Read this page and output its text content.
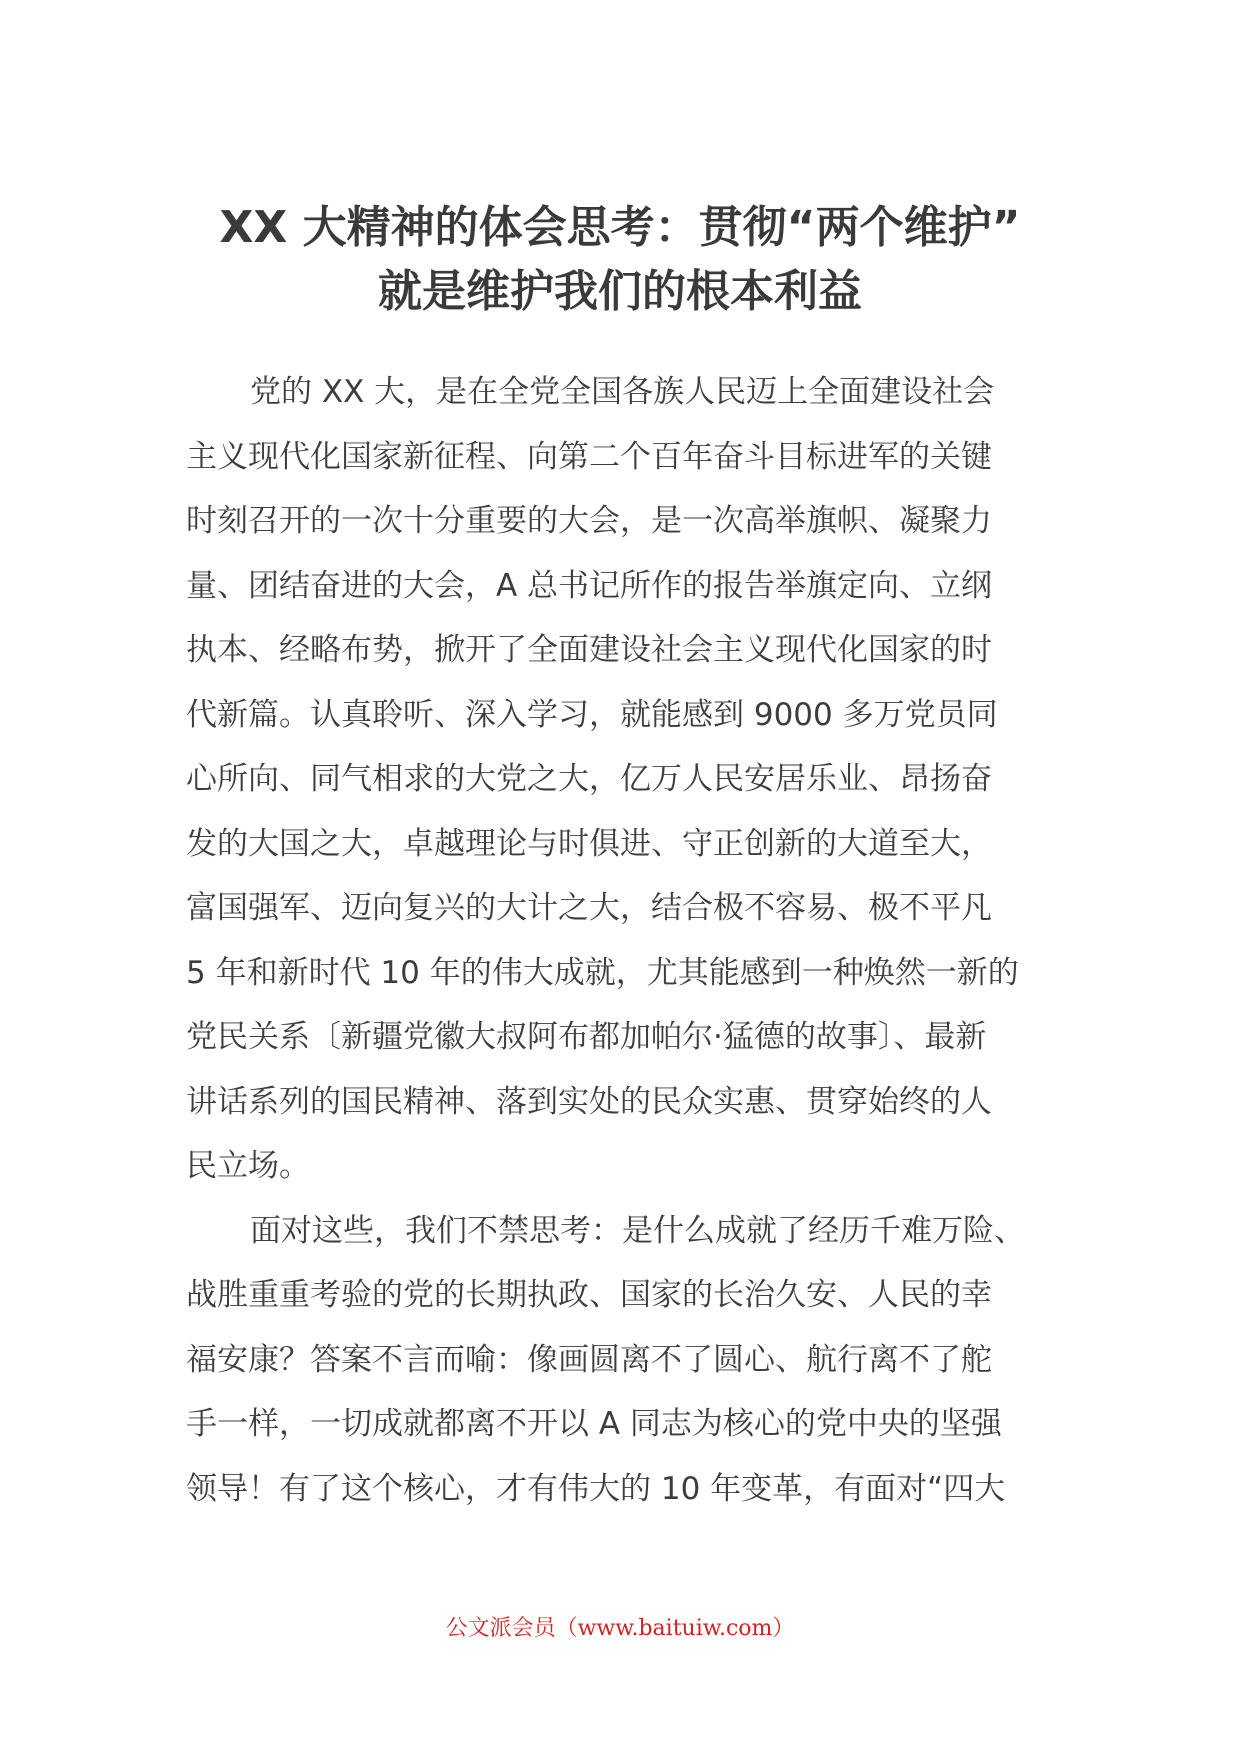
XX 大精神的体会思考：贯彻“两个维护”
就是维护我们的根本利益
党的 XX 大，是在全党全国各族人民迈上全面建设社会
主义现代化国家新征程、向第二个百年奋斗目标进军的关键
时刻召开的一次十分重要的大会，是一次高举旗帜、凝聚力
量、团结奋进的大会，A 总书记所作的报告举旗定向、立纲
执本、经略布势，掀开了全面建设社会主义现代化国家的时
代新篇。认真聆听、深入学习，就能感到 9000 多万党员同
心所向、同气相求的大党之大，亿万人民安居乐业、昂扬奋
发的大国之大，卓越理论与时俱进、守正创新的大道至大，
富国强军、迈向复兴的大计之大，结合极不容易、极不平凡
5 年和新时代 10 年的伟大成就，尤其能感到一种焕然一新的
党民关系〔新疆党徽大叔阿布都加帕尔·猛德的故事〕、最新
讲话系列的国民精神、落到实处的民众实惠、贯穿始终的人
民立场。
面对这些，我们不禁思考：是什么成就了经历千难万险、
战胜重重考验的党的长期执政、国家的长治久安、人民的幸
福安康？答案不言而喻：像画圆离不了圆心、航行离不了舵
手一样，一切成就都离不开以 A 同志为核心的党中央的坚强
领导！有了这个核心，才有伟大的 10 年变革，有面对“四大
公文派会员（www.baituiw.com）
